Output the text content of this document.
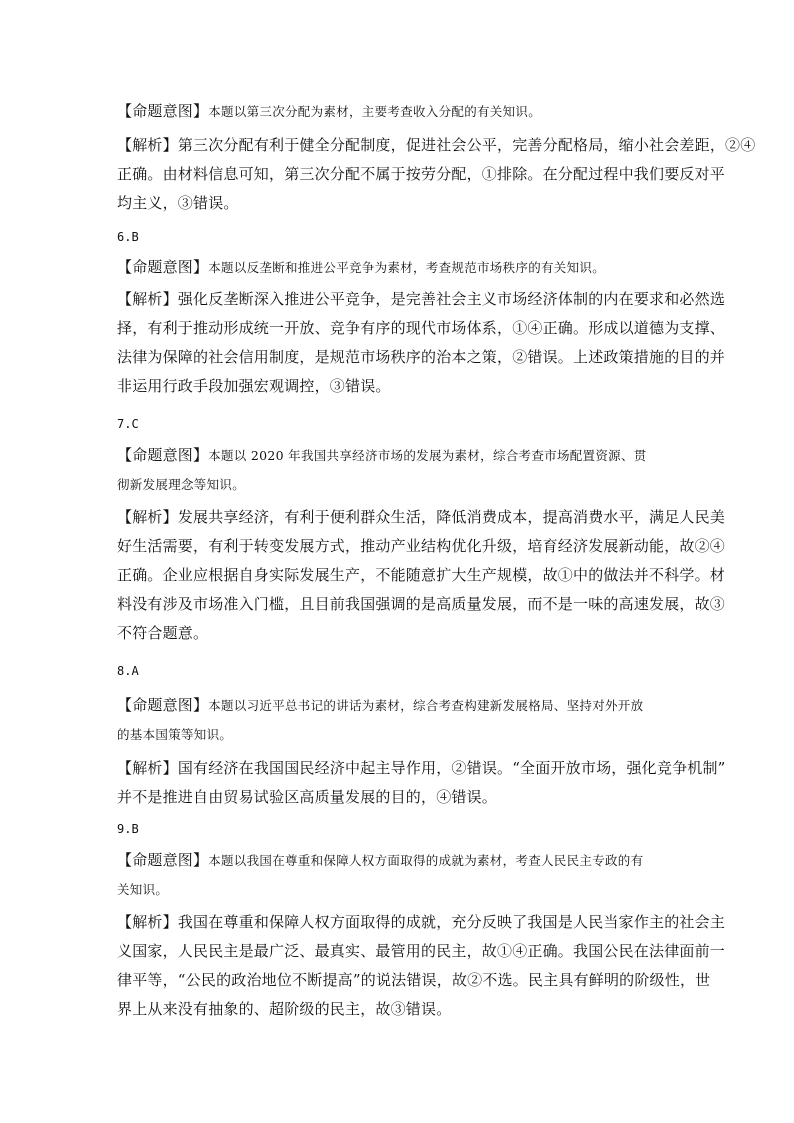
【命题意图】本题以第三次分配为素材，主要考查收入分配的有关知识。
【解析】第三次分配有利于健全分配制度，促进社会公平，完善分配格局，缩小社会差距，②④
正确。由材料信息可知，第三次分配不属于按劳分配，①排除。在分配过程中我们要反对平
均主义，③错误。
6.B
【命题意图】本题以反垄断和推进公平竞争为素材，考查规范市场秩序的有关知识。
【解析】强化反垄断深入推进公平竞争，是完善社会主义市场经济体制的内在要求和必然选
择，有利于推动形成统一开放、竞争有序的现代市场体系，①④正确。形成以道德为支撑、
法律为保障的社会信用制度，是规范市场秩序的治本之策，②错误。上述政策措施的目的并
非运用行政手段加强宏观调控，③错误。
7.C
【命题意图】本题以 2020 年我国共享经济市场的发展为素材，综合考查市场配置资源、贯
彻新发展理念等知识。
【解析】发展共享经济，有利于便利群众生活，降低消费成本，提高消费水平，满足人民美
好生活需要，有利于转变发展方式，推动产业结构优化升级，培育经济发展新动能，故②④
正确。企业应根据自身实际发展生产，不能随意扩大生产规模，故①中的做法并不科学。材
料没有涉及市场准入门槛，且目前我国强调的是高质量发展，而不是一味的高速发展，故③
不符合题意。
8.A
【命题意图】本题以习近平总书记的讲话为素材，综合考查构建新发展格局、坚持对外开放
的基本国策等知识。
【解析】国有经济在我国国民经济中起主导作用，②错误。“全面开放市场，强化竞争机制”
并不是推进自由贸易试验区高质量发展的目的，④错误。
9.B
【命题意图】本题以我国在尊重和保障人权方面取得的成就为素材，考查人民民主专政的有
关知识。
【解析】我国在尊重和保障人权方面取得的成就，充分反映了我国是人民当家作主的社会主
义国家，人民民主是最广泛、最真实、最管用的民主，故①④正确。我国公民在法律面前一
律平等，“公民的政治地位不断提高”的说法错误，故②不选。民主具有鲜明的阶级性，世
界上从来没有抽象的、超阶级的民主，故③错误。
